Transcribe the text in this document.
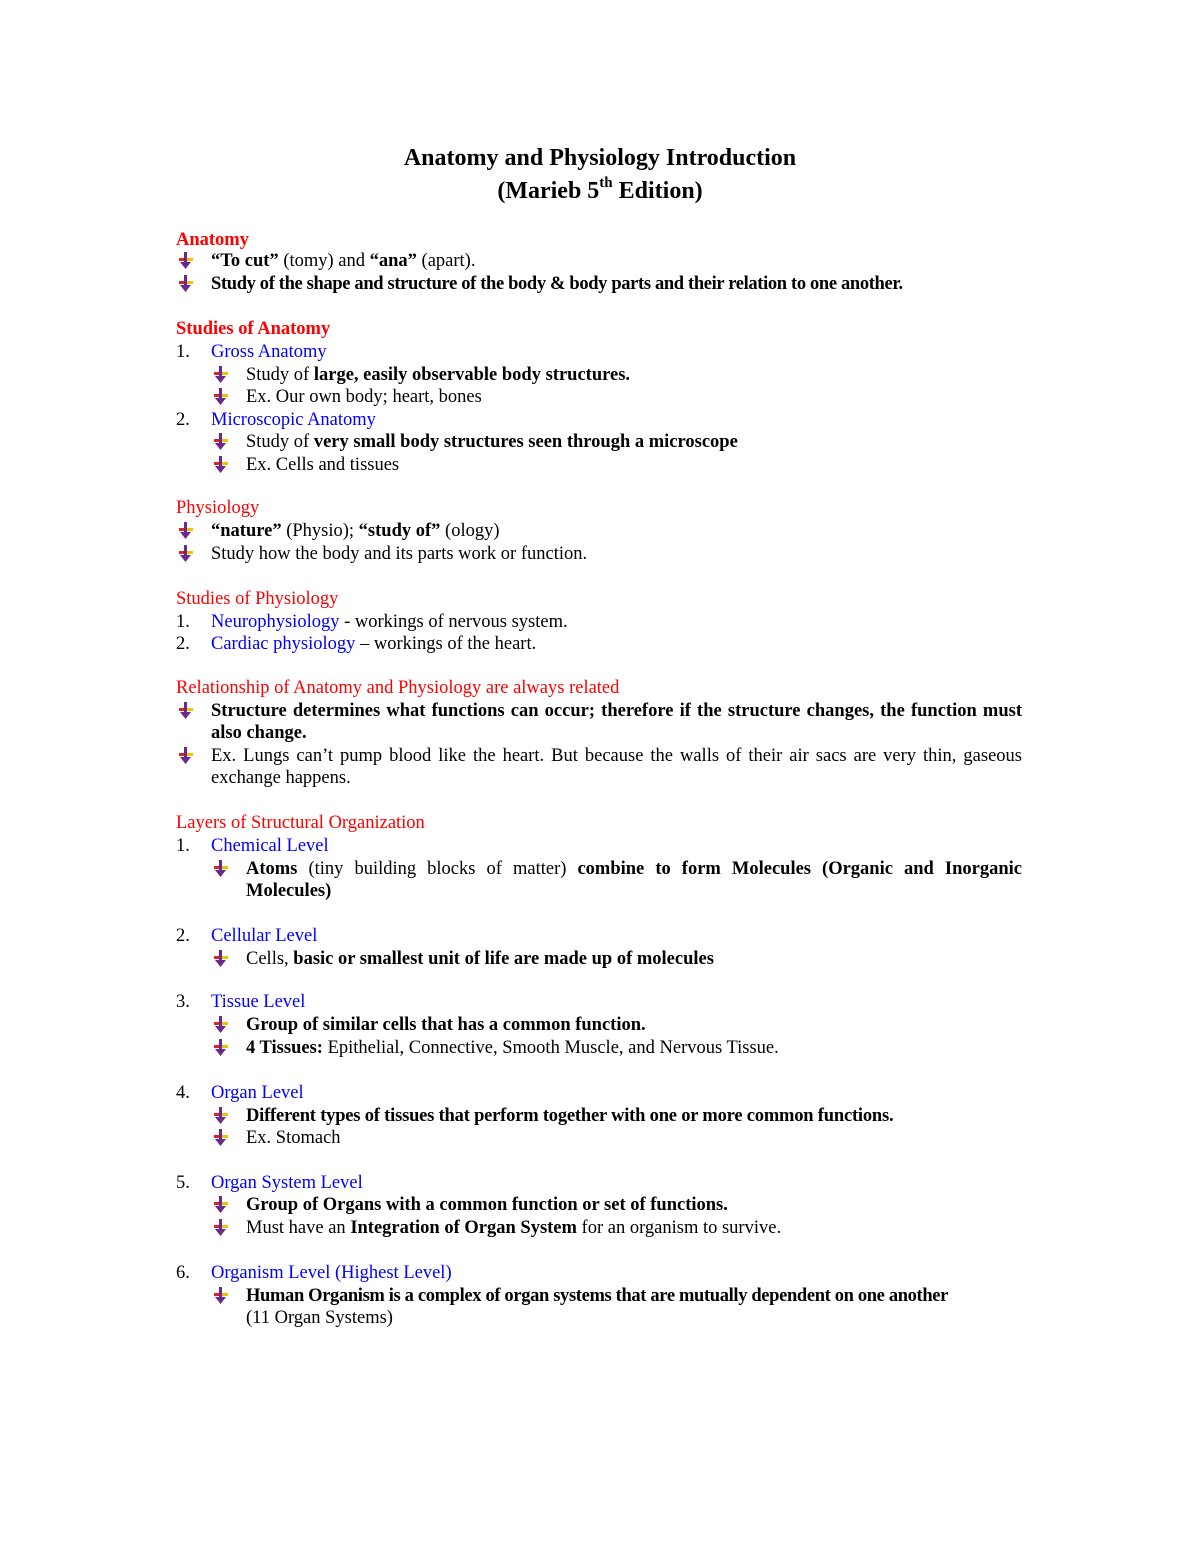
Anatomy and Physiology Introduction
(Marieb 5th Edition)
Anatomy
“To cut” (tomy) and “ana” (apart).
Study of the shape and structure of the body & body parts and their relation to one another.
Studies of Anatomy
1. Gross Anatomy
Study of large, easily observable body structures.
Ex. Our own body; heart, bones
2. Microscopic Anatomy
Study of very small body structures seen through a microscope
Ex. Cells and tissues
Physiology
“nature” (Physio); “study of” (ology)
Study how the body and its parts work or function.
Studies of Physiology
1. Neurophysiology - workings of nervous system.
2. Cardiac physiology – workings of the heart.
Relationship of Anatomy and Physiology are always related
Structure determines what functions can occur; therefore if the structure changes, the function must also change.
Ex. Lungs can’t pump blood like the heart. But because the walls of their air sacs are very thin, gaseous exchange happens.
Layers of Structural Organization
1. Chemical Level
Atoms (tiny building blocks of matter) combine to form Molecules (Organic and Inorganic Molecules)
2. Cellular Level
Cells, basic or smallest unit of life are made up of molecules
3. Tissue Level
Group of similar cells that has a common function.
4 Tissues: Epithelial, Connective, Smooth Muscle, and Nervous Tissue.
4. Organ Level
Different types of tissues that perform together with one or more common functions.
Ex. Stomach
5. Organ System Level
Group of Organs with a common function or set of functions.
Must have an Integration of Organ System for an organism to survive.
6. Organism Level (Highest Level)
Human Organism is a complex of organ systems that are mutually dependent on one another
(11 Organ Systems)
